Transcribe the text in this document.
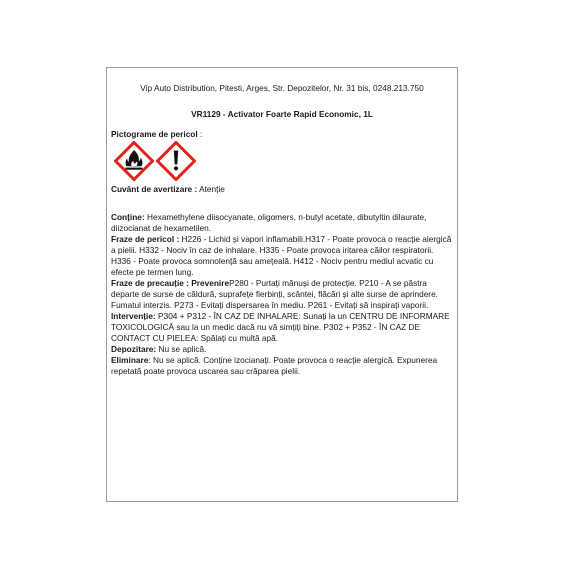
Vip Auto Distribution, Pitesti, Arges, Str. Depozitelor, Nr. 31 bis, 0248.213.750
VR1129 - Activator Foarte Rapid Economic, 1L
Pictograme de pericol :
Cuvânt de avertizare : Atenție

Conține: Hexamethylene diisocyanate, oligomers, n-butyl acetate, dibutyltin dilaurate, diizocianat de hexametilen.

Fraze de pericol : H226 - Lichid și vapori inflamabili.H317 - Poate provoca o reacție alergică a pielii. H332 - Nociv în caz de inhalare. H335 - Poate provoca iritarea căilor respiratorii. H336 - Poate provoca somnolență sau amețeală. H412 - Nociv pentru mediul acvatic cu efecte pe termen lung.

Fraze de precauție : PrevenireP280 - Purtați mănuși de protecție. P210 - A se păstra departe de surse de căldură, suprafețe fierbinți, scântei, flăcări și alte surse de aprindere. Fumatul interzis. P273 - Evitați dispersarea în mediu. P261 - Evitați să inspirați vaporii.

Intervenție: P304 + P312 - ÎN CAZ DE INHALARE: Sunați la un CENTRU DE INFORMARE TOXICOLOGICĂ sau la un medic dacă nu vă simțiți bine. P302 + P352 - ÎN CAZ DE CONTACT CU PIELEA: Spălați cu multă apă.

Depozitare: Nu se aplică.

Eliminare: Nu se aplică. Conține izocianați. Poate provoca o reacție alergică. Expunerea repetată poate provoca uscarea sau crăparea pielii.
